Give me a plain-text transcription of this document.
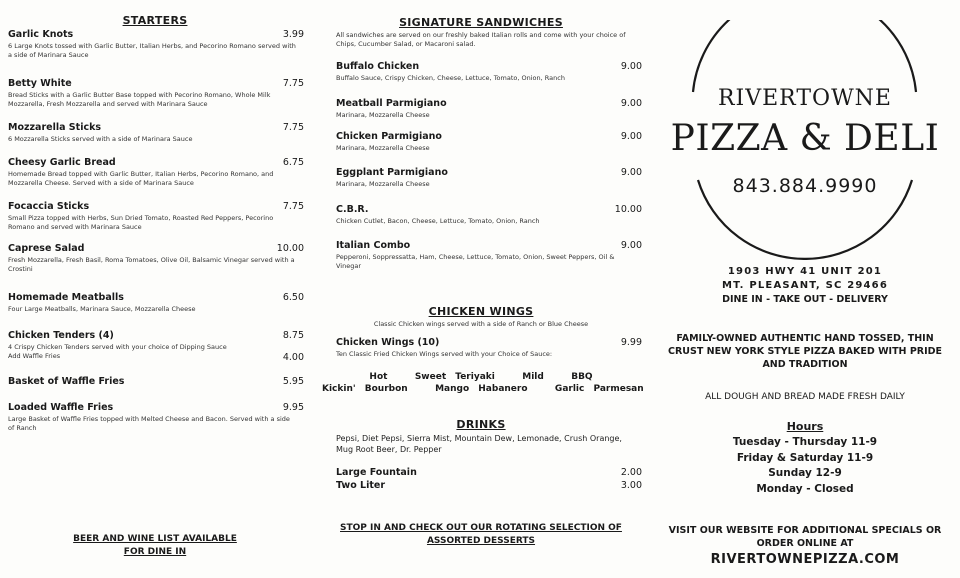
STARTERS
Garlic Knots	3.99
6 Large Knots tossed with Garlic Butter, Italian Herbs, and Pecorino Romano served with a side of Marinara Sauce
Betty White	7.75
Bread Sticks with a Garlic Butter Base topped with Pecorino Romano, Whole Milk Mozzarella, Fresh Mozzarella and served with Marinara Sauce
Mozzarella Sticks	7.75
6 Mozzarella Sticks served with a side of Marinara Sauce
Cheesy Garlic Bread	6.75
Homemade Bread topped with Garlic Butter, Italian Herbs, Pecorino Romano, and Mozzarella Cheese. Served with a side of Marinara Sauce
Focaccia Sticks	7.75
Small Pizza topped with Herbs, Sun Dried Tomato, Roasted Red Peppers, Pecorino Romano and served with Marinara Sauce
Caprese Salad	10.00
Fresh Mozzarella, Fresh Basil, Roma Tomatoes, Olive Oil, Balsamic Vinegar served with a Crostini
Homemade Meatballs	6.50
Four Large Meatballs, Marinara Sauce, Mozzarella Cheese
Chicken Tenders (4)	8.75
4 Crispy Chicken Tenders served with your choice of Dipping Sauce
Add Waffle Fries	4.00
Basket of Waffle Fries	5.95
Loaded Waffle Fries	9.95
Large Basket of Waffle Fries topped with Melted Cheese and Bacon. Served with a side of Ranch
BEER AND WINE LIST AVAILABLE
FOR DINE IN
SIGNATURE SANDWICHES
All sandwiches are served on our freshly baked Italian rolls and come with your choice of Chips, Cucumber Salad, or Macaroni salad.
Buffalo Chicken	9.00
Buffalo Sauce, Crispy Chicken, Cheese, Lettuce, Tomato, Onion, Ranch
Meatball Parmigiano	9.00
Marinara, Mozzarella Cheese
Chicken Parmigiano	9.00
Marinara, Mozzarella Cheese
Eggplant Parmigiano	9.00
Marinara, Mozzarella Cheese
C.B.R.	10.00
Chicken Cutlet, Bacon, Cheese, Lettuce, Tomato, Onion, Ranch
Italian Combo	9.00
Pepperoni, Soppressatta, Ham, Cheese, Lettuce, Tomato, Onion, Sweet Peppers, Oil & Vinegar
CHICKEN WINGS
Classic Chicken wings served with a side of Ranch or Blue Cheese
Chicken Wings (10)	9.99
Ten Classic Fried Chicken Wings served with your Choice of Sauce:
Hot   Sweet Teriyaki   Mild   BBQ
Kickin' Bourbon   Mango Habanero   Garlic Parmesan
DRINKS
Pepsi, Diet Pepsi, Sierra Mist, Mountain Dew, Lemonade, Crush Orange, Mug Root Beer, Dr. Pepper
Large Fountain	2.00
Two Liter	3.00
STOP IN AND CHECK OUT OUR ROTATING SELECTION OF
ASSORTED DESSERTS
RIVERTOWNE
PIZZA & DELI
843.884.9990
1903 HWY 41 UNIT 201
MT. PLEASANT, SC 29466
DINE IN - TAKE OUT - DELIVERY
FAMILY-OWNED AUTHENTIC HAND TOSSED, THIN
CRUST NEW YORK STYLE PIZZA BAKED WITH PRIDE
AND TRADITION
ALL DOUGH AND BREAD MADE FRESH DAILY
Hours
Tuesday - Thursday 11-9
Friday & Saturday 11-9
Sunday 12-9
Monday - Closed
VISIT OUR WEBSITE FOR ADDITIONAL SPECIALS OR
ORDER ONLINE AT
RIVERTOWNEPIZZA.COM
